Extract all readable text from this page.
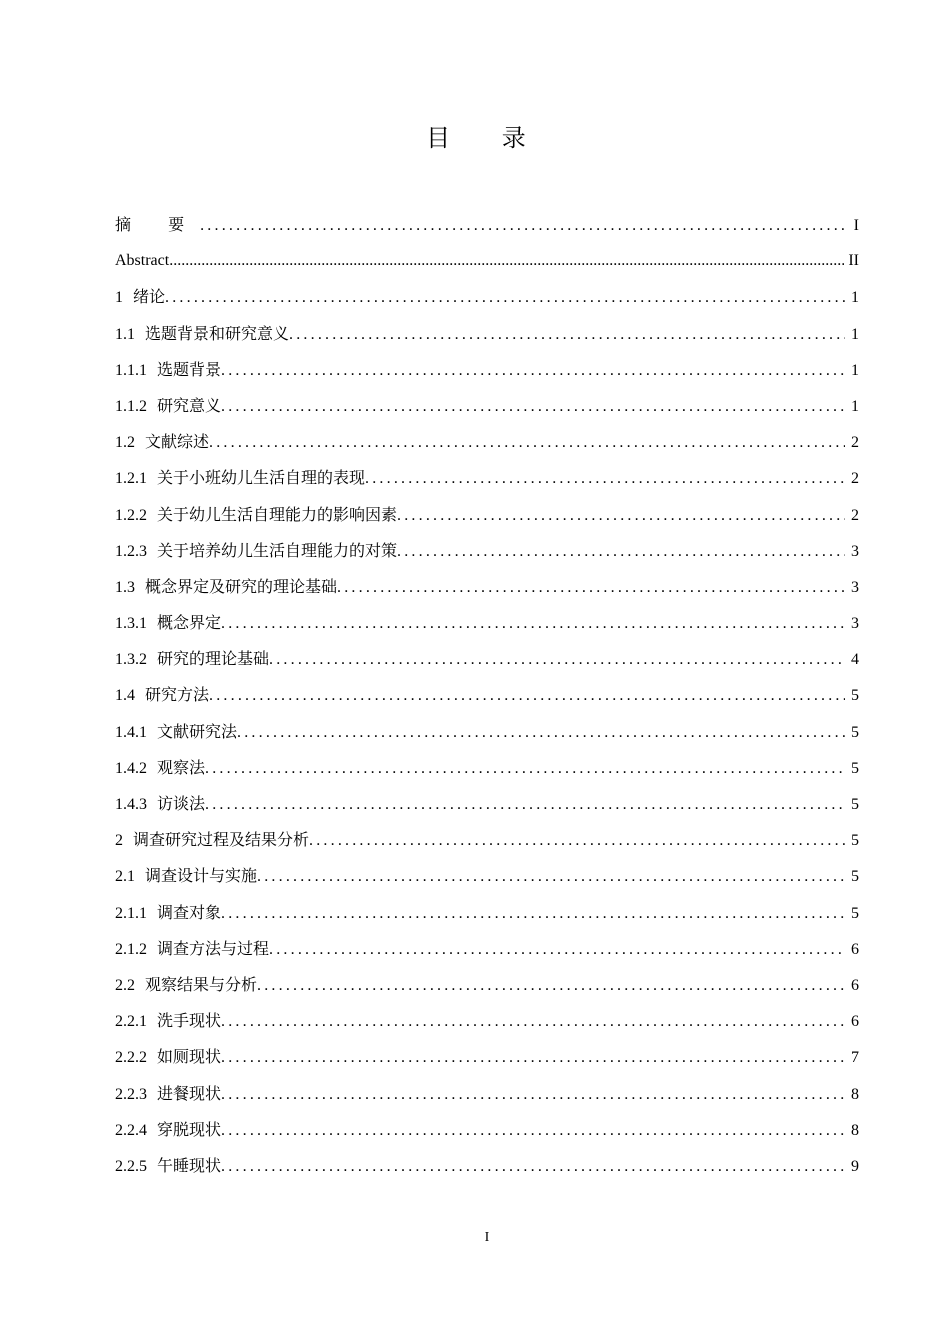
目 录
摘 要 .....	I
Abstract .....	II
1 绪论 .....	1
1.1 选题背景和研究意义 .....	1
1.1.1 选题背景 .....	1
1.1.2 研究意义 .....	1
1.2 文献综述 .....	2
1.2.1 关于小班幼儿生活自理的表现 .....	2
1.2.2 关于幼儿生活自理能力的影响因素 .....	2
1.2.3 关于培养幼儿生活自理能力的对策 .....	3
1.3 概念界定及研究的理论基础 .....	3
1.3.1 概念界定 .....	3
1.3.2 研究的理论基础 .....	4
1.4 研究方法 .....	5
1.4.1 文献研究法 .....	5
1.4.2 观察法 .....	5
1.4.3 访谈法 .....	5
2 调查研究过程及结果分析 .....	5
2.1 调查设计与实施 .....	5
2.1.1 调查对象 .....	5
2.1.2 调查方法与过程 .....	6
2.2 观察结果与分析 .....	6
2.2.1 洗手现状 .....	6
2.2.2 如厕现状 .....	7
2.2.3 进餐现状 .....	8
2.2.4 穿脱现状 .....	8
2.2.5 午睡现状 .....	9
I
